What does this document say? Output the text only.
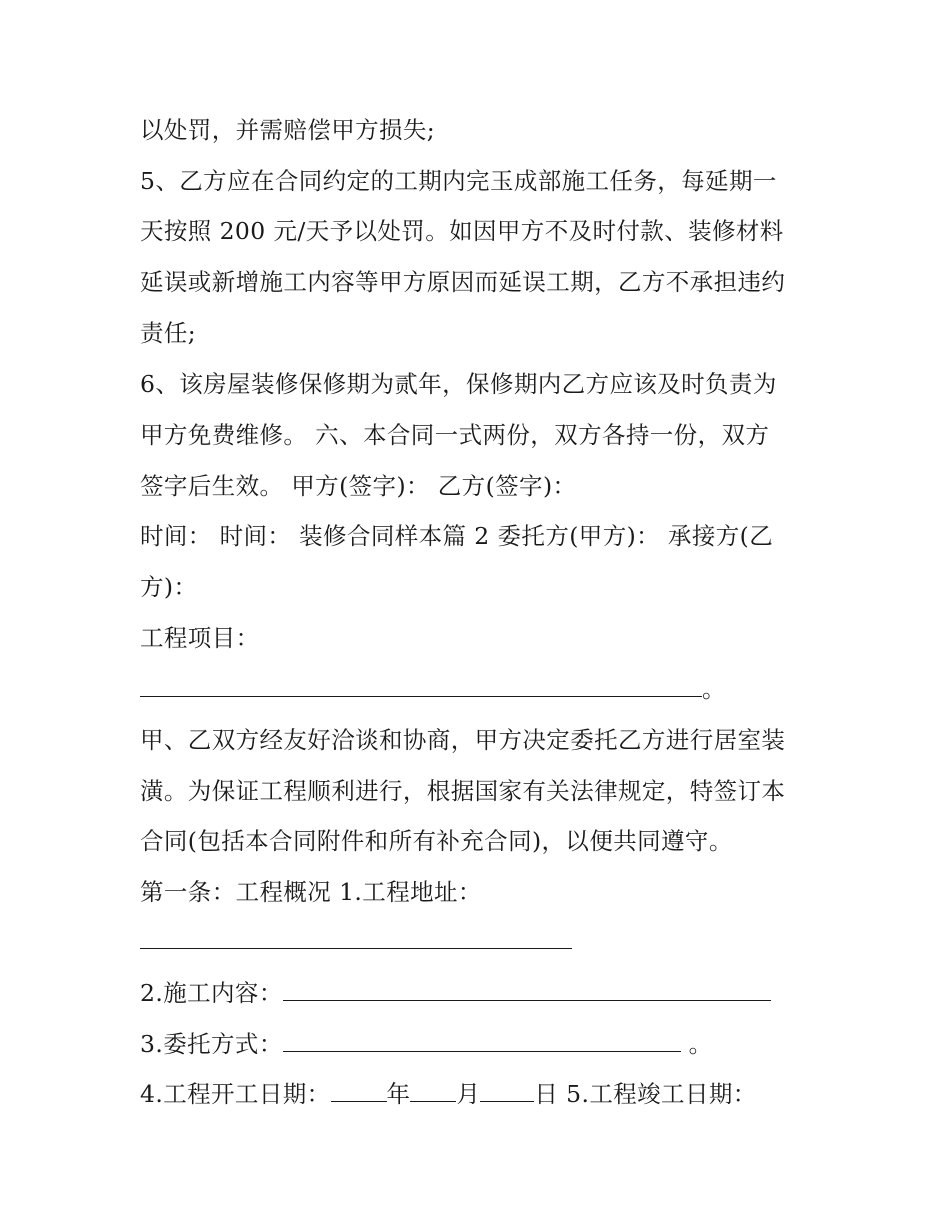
以处罚，并需赔偿甲方损失;
5、乙方应在合同约定的工期内完玉成部施工任务，每延期一
天按照 200 元/天予以处罚。如因甲方不及时付款、装修材料
延误或新增施工内容等甲方原因而延误工期，乙方不承担违约
责任;
6、该房屋装修保修期为贰年，保修期内乙方应该及时负责为
甲方免费维修。 六、本合同一式两份，双方各持一份，双方
签字后生效。 甲方(签字)： 乙方(签字)：
时间： 时间： 装修合同样本篇 2 委托方(甲方)： 承接方(乙
方)：
工程项目：
。
甲、乙双方经友好洽谈和协商，甲方决定委托乙方进行居室装
潢。为保证工程顺利进行，根据国家有关法律规定，特签订本
合同(包括本合同附件和所有补充合同)，以便共同遵守。
第一条：工程概况 1.工程地址：
2.施工内容：
3.委托方式：	。
4.工程开工日期： 年 月 日 5.工程竣工日期：
